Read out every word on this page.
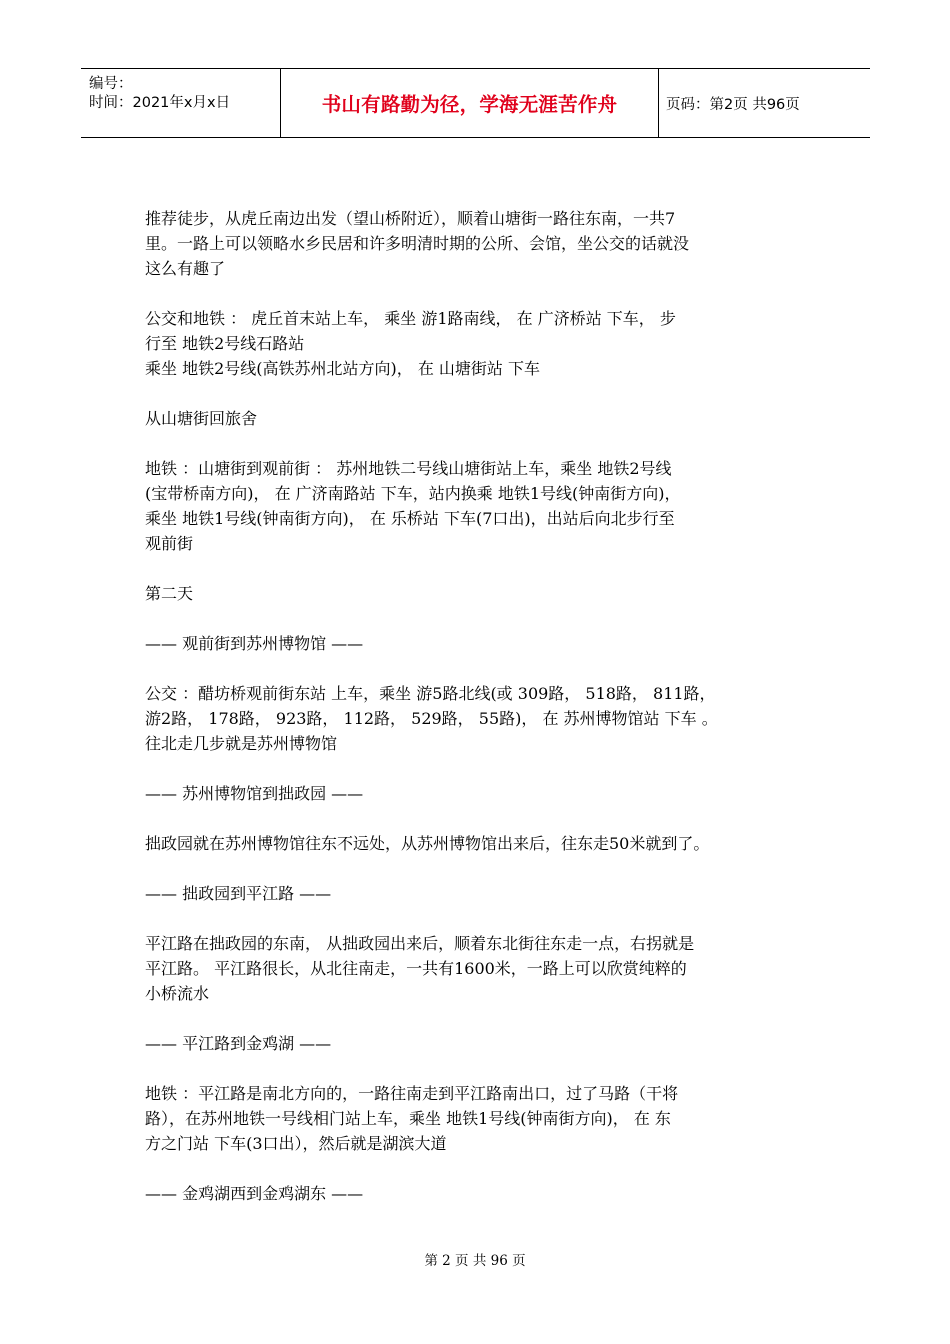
编号：
时间：2021年x月x日	书山有路勤为径，学海无涯苦作舟	页码：第2页 共96页

推荐徒步，从虎丘南边出发（望山桥附近），顺着山塘街一路往东南，一共7
里。一路上可以领略水乡民居和许多明清时期的公所、会馆，坐公交的话就没
这么有趣了

公交和地铁 ： 虎丘首末站上车， 乘坐 游1路南线， 在 广济桥站 下车， 步
行至 地铁2号线石路站
乘坐 地铁2号线(高铁苏州北站方向)， 在 山塘街站 下车

从山塘街回旅舍

地铁 ：山塘街到观前街 ： 苏州地铁二号线山塘街站上车，乘坐 地铁2号线
(宝带桥南方向)， 在 广济南路站 下车，站内换乘 地铁1号线(钟南街方向)，
乘坐 地铁1号线(钟南街方向)， 在 乐桥站 下车(7口出)，出站后向北步行至
观前街

第二天

—— 观前街到苏州博物馆 ——

公交 ：醋坊桥观前街东站 上车，乘坐 游5路北线(或 309路， 518路， 811路，
游2路， 178路， 923路， 112路， 529路， 55路)， 在 苏州博物馆站 下车 。
往北走几步就是苏州博物馆

—— 苏州博物馆到拙政园 ——

拙政园就在苏州博物馆往东不远处，从苏州博物馆出来后，往东走50米就到了。

—— 拙政园到平江路 ——

平江路在拙政园的东南， 从拙政园出来后，顺着东北街往东走一点，右拐就是
平江路。 平江路很长，从北往南走，一共有1600米，一路上可以欣赏纯粹的
小桥流水

—— 平江路到金鸡湖 ——

地铁 ：平江路是南北方向的，一路往南走到平江路南出口，过了马路（干将
路），在苏州地铁一号线相门站上车，乘坐 地铁1号线(钟南街方向)， 在 东
方之门站 下车(3口出），然后就是湖滨大道

—— 金鸡湖西到金鸡湖东 ——

第 2 页 共 96 页
